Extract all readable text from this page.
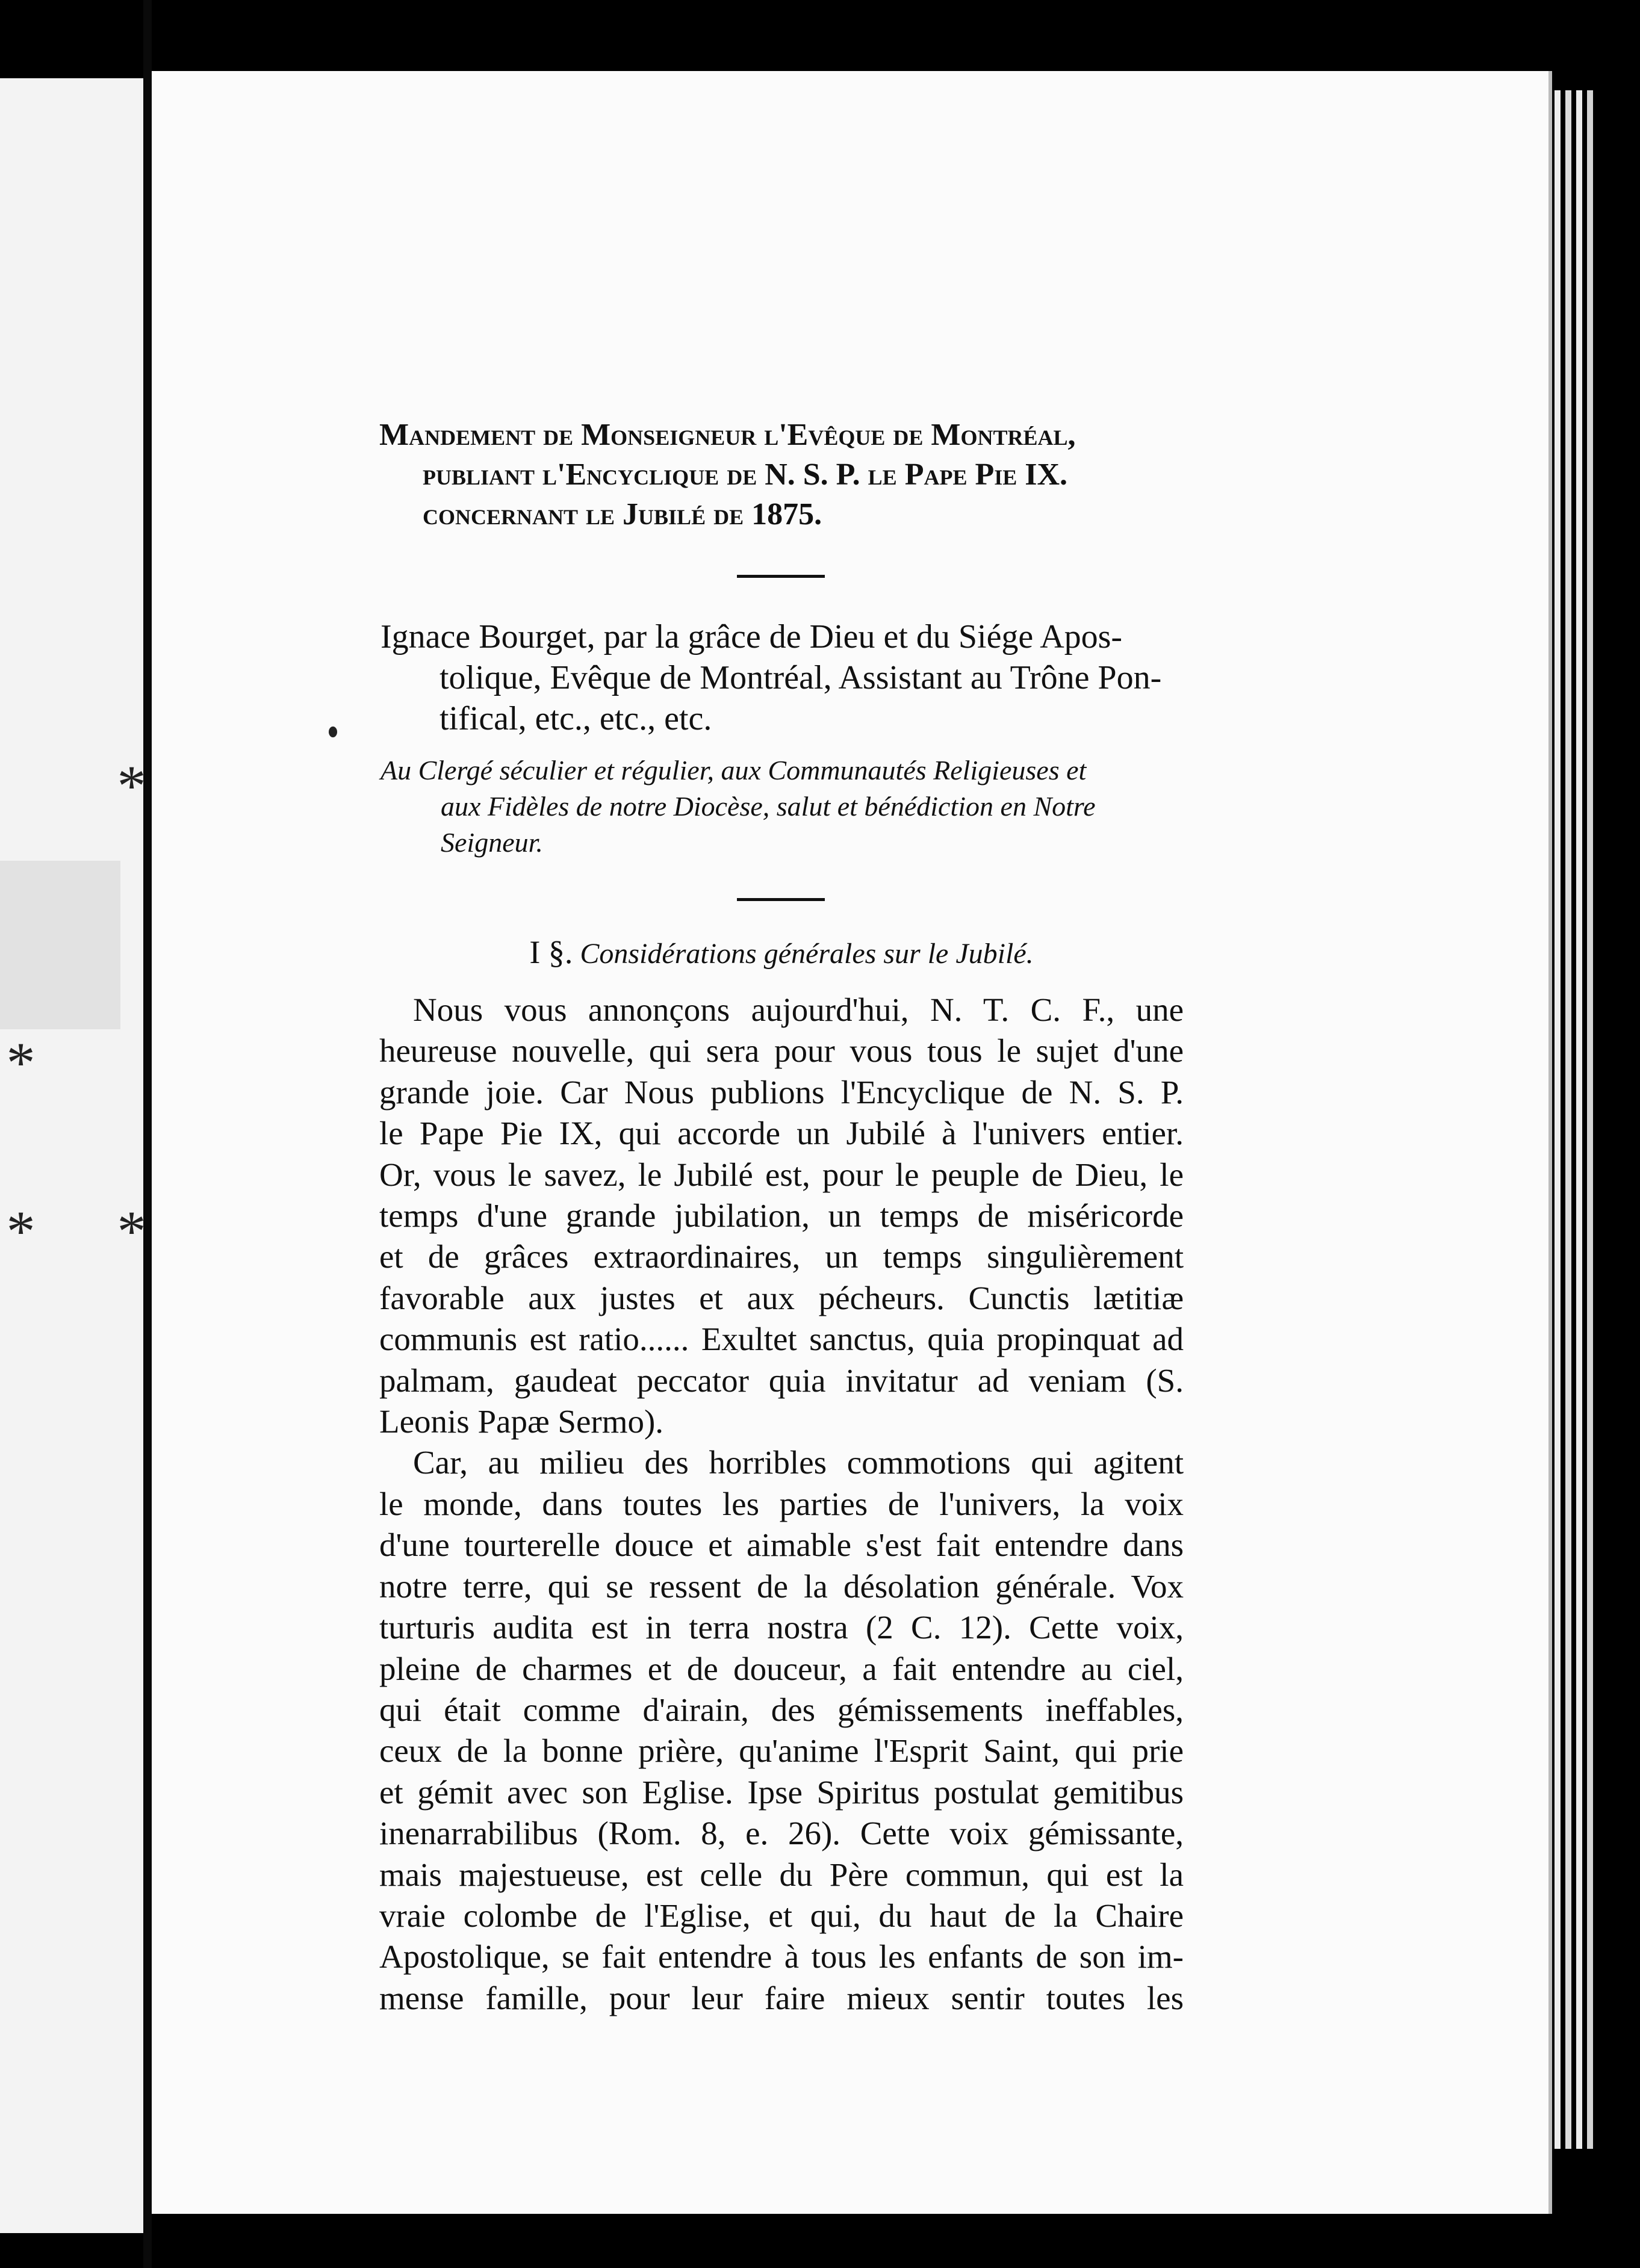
*
*
*
*
Mandement de Monseigneur l'Evêque de Montréal,
publiant l'Encyclique de N. S. P. le Pape Pie IX.
concernant le Jubilé de 1875.
Ignace Bourget, par la grâce de Dieu et du Siége Apos-
tolique, Evêque de Montréal, Assistant au Trône Pon-
tifical, etc., etc., etc.
Au Clergé séculier et régulier, aux Communautés Religieuses et
aux Fidèles de notre Diocèse, salut et bénédiction en Notre
Seigneur.
I §. Considérations générales sur le Jubilé.
Nous vous annonçons aujourd'hui, N. T. C. F., une
heureuse nouvelle, qui sera pour vous tous le sujet d'une
grande joie. Car Nous publions l'Encyclique de N. S. P.
le Pape Pie IX, qui accorde un Jubilé à l'univers entier.
Or, vous le savez, le Jubilé est, pour le peuple de Dieu, le
temps d'une grande jubilation, un temps de miséricorde
et de grâces extraordinaires, un temps singulièrement
favorable aux justes et aux pécheurs. Cunctis lætitiæ
communis est ratio...... Exultet sanctus, quia propinquat ad
palmam, gaudeat peccator quia invitatur ad veniam (S.
Leonis Papæ Sermo).
Car, au milieu des horribles commotions qui agitent
le monde, dans toutes les parties de l'univers, la voix
d'une tourterelle douce et aimable s'est fait entendre dans
notre terre, qui se ressent de la désolation générale. Vox
turturis audita est in terra nostra (2 C. 12). Cette voix,
pleine de charmes et de douceur, a fait entendre au ciel,
qui était comme d'airain, des gémissements ineffables,
ceux de la bonne prière, qu'anime l'Esprit Saint, qui prie
et gémit avec son Eglise. Ipse Spiritus postulat gemitibus
inenarrabilibus (Rom. 8, e. 26). Cette voix gémissante,
mais majestueuse, est celle du Père commun, qui est la
vraie colombe de l'Eglise, et qui, du haut de la Chaire
Apostolique, se fait entendre à tous les enfants de son im-
mense famille, pour leur faire mieux sentir toutes les
